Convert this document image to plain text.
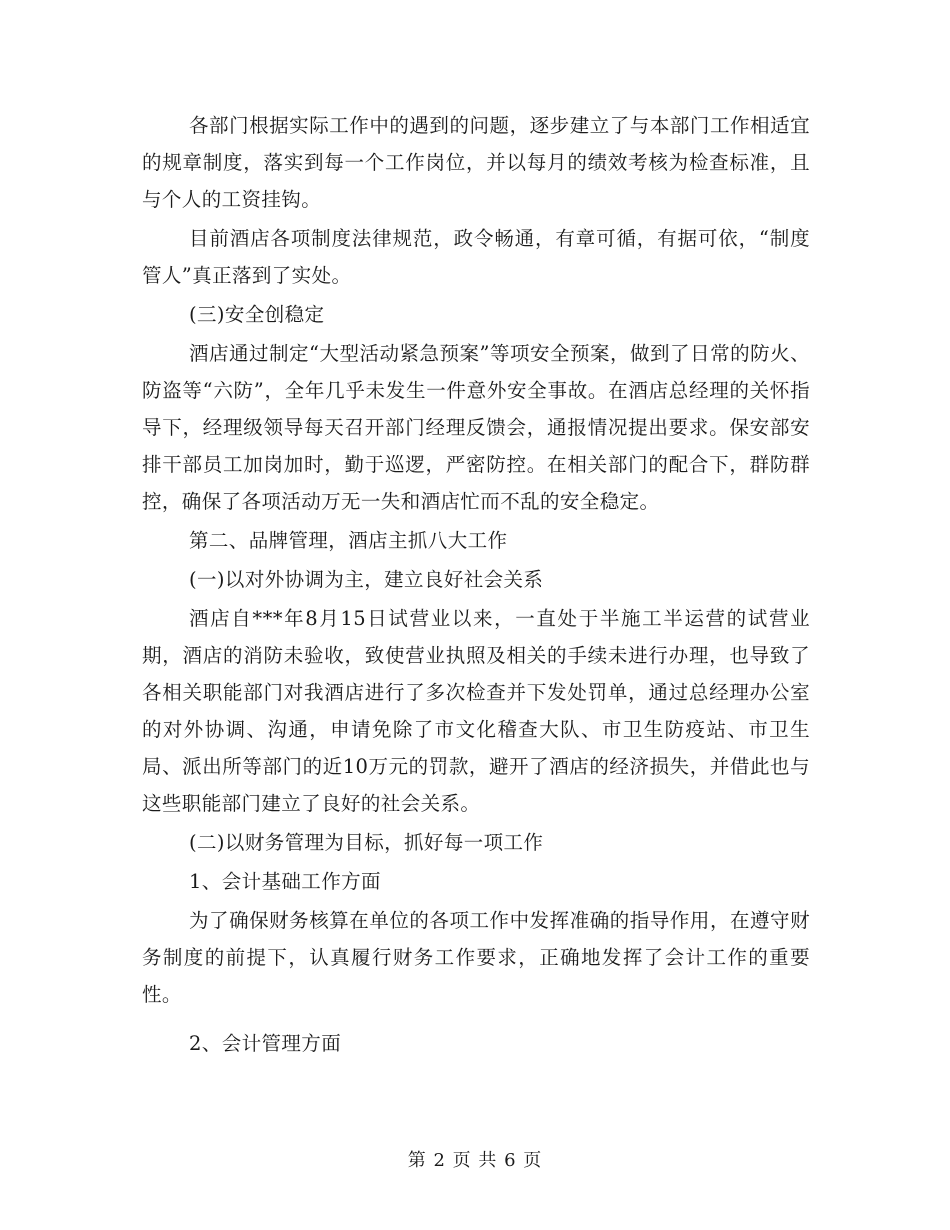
各部门根据实际工作中的遇到的问题，逐步建立了与本部门工作相适宜的规章制度，落实到每一个工作岗位，并以每月的绩效考核为检查标准，且与个人的工资挂钩。

目前酒店各项制度法律规范，政令畅通，有章可循，有据可依，“制度管人”真正落到了实处。

(三)安全创稳定

酒店通过制定“大型活动紧急预案”等项安全预案，做到了日常的防火、防盗等“六防”，全年几乎未发生一件意外安全事故。在酒店总经理的关怀指导下，经理级领导每天召开部门经理反馈会，通报情况提出要求。保安部安排干部员工加岗加时，勤于巡逻，严密防控。在相关部门的配合下，群防群控，确保了各项活动万无一失和酒店忙而不乱的安全稳定。

第二、品牌管理，酒店主抓八大工作

(一)以对外协调为主，建立良好社会关系

酒店自***年8月15日试营业以来，一直处于半施工半运营的试营业期，酒店的消防未验收，致使营业执照及相关的手续未进行办理，也导致了各相关职能部门对我酒店进行了多次检查并下发处罚单，通过总经理办公室的对外协调、沟通，申请免除了市文化稽查大队、市卫生防疫站、市卫生局、派出所等部门的近10万元的罚款，避开了酒店的经济损失，并借此也与这些职能部门建立了良好的社会关系。

(二)以财务管理为目标，抓好每一项工作

1、会计基础工作方面

为了确保财务核算在单位的各项工作中发挥准确的指导作用，在遵守财务制度的前提下，认真履行财务工作要求，正确地发挥了会计工作的重要性。

2、会计管理方面

第 2 页 共 6 页
